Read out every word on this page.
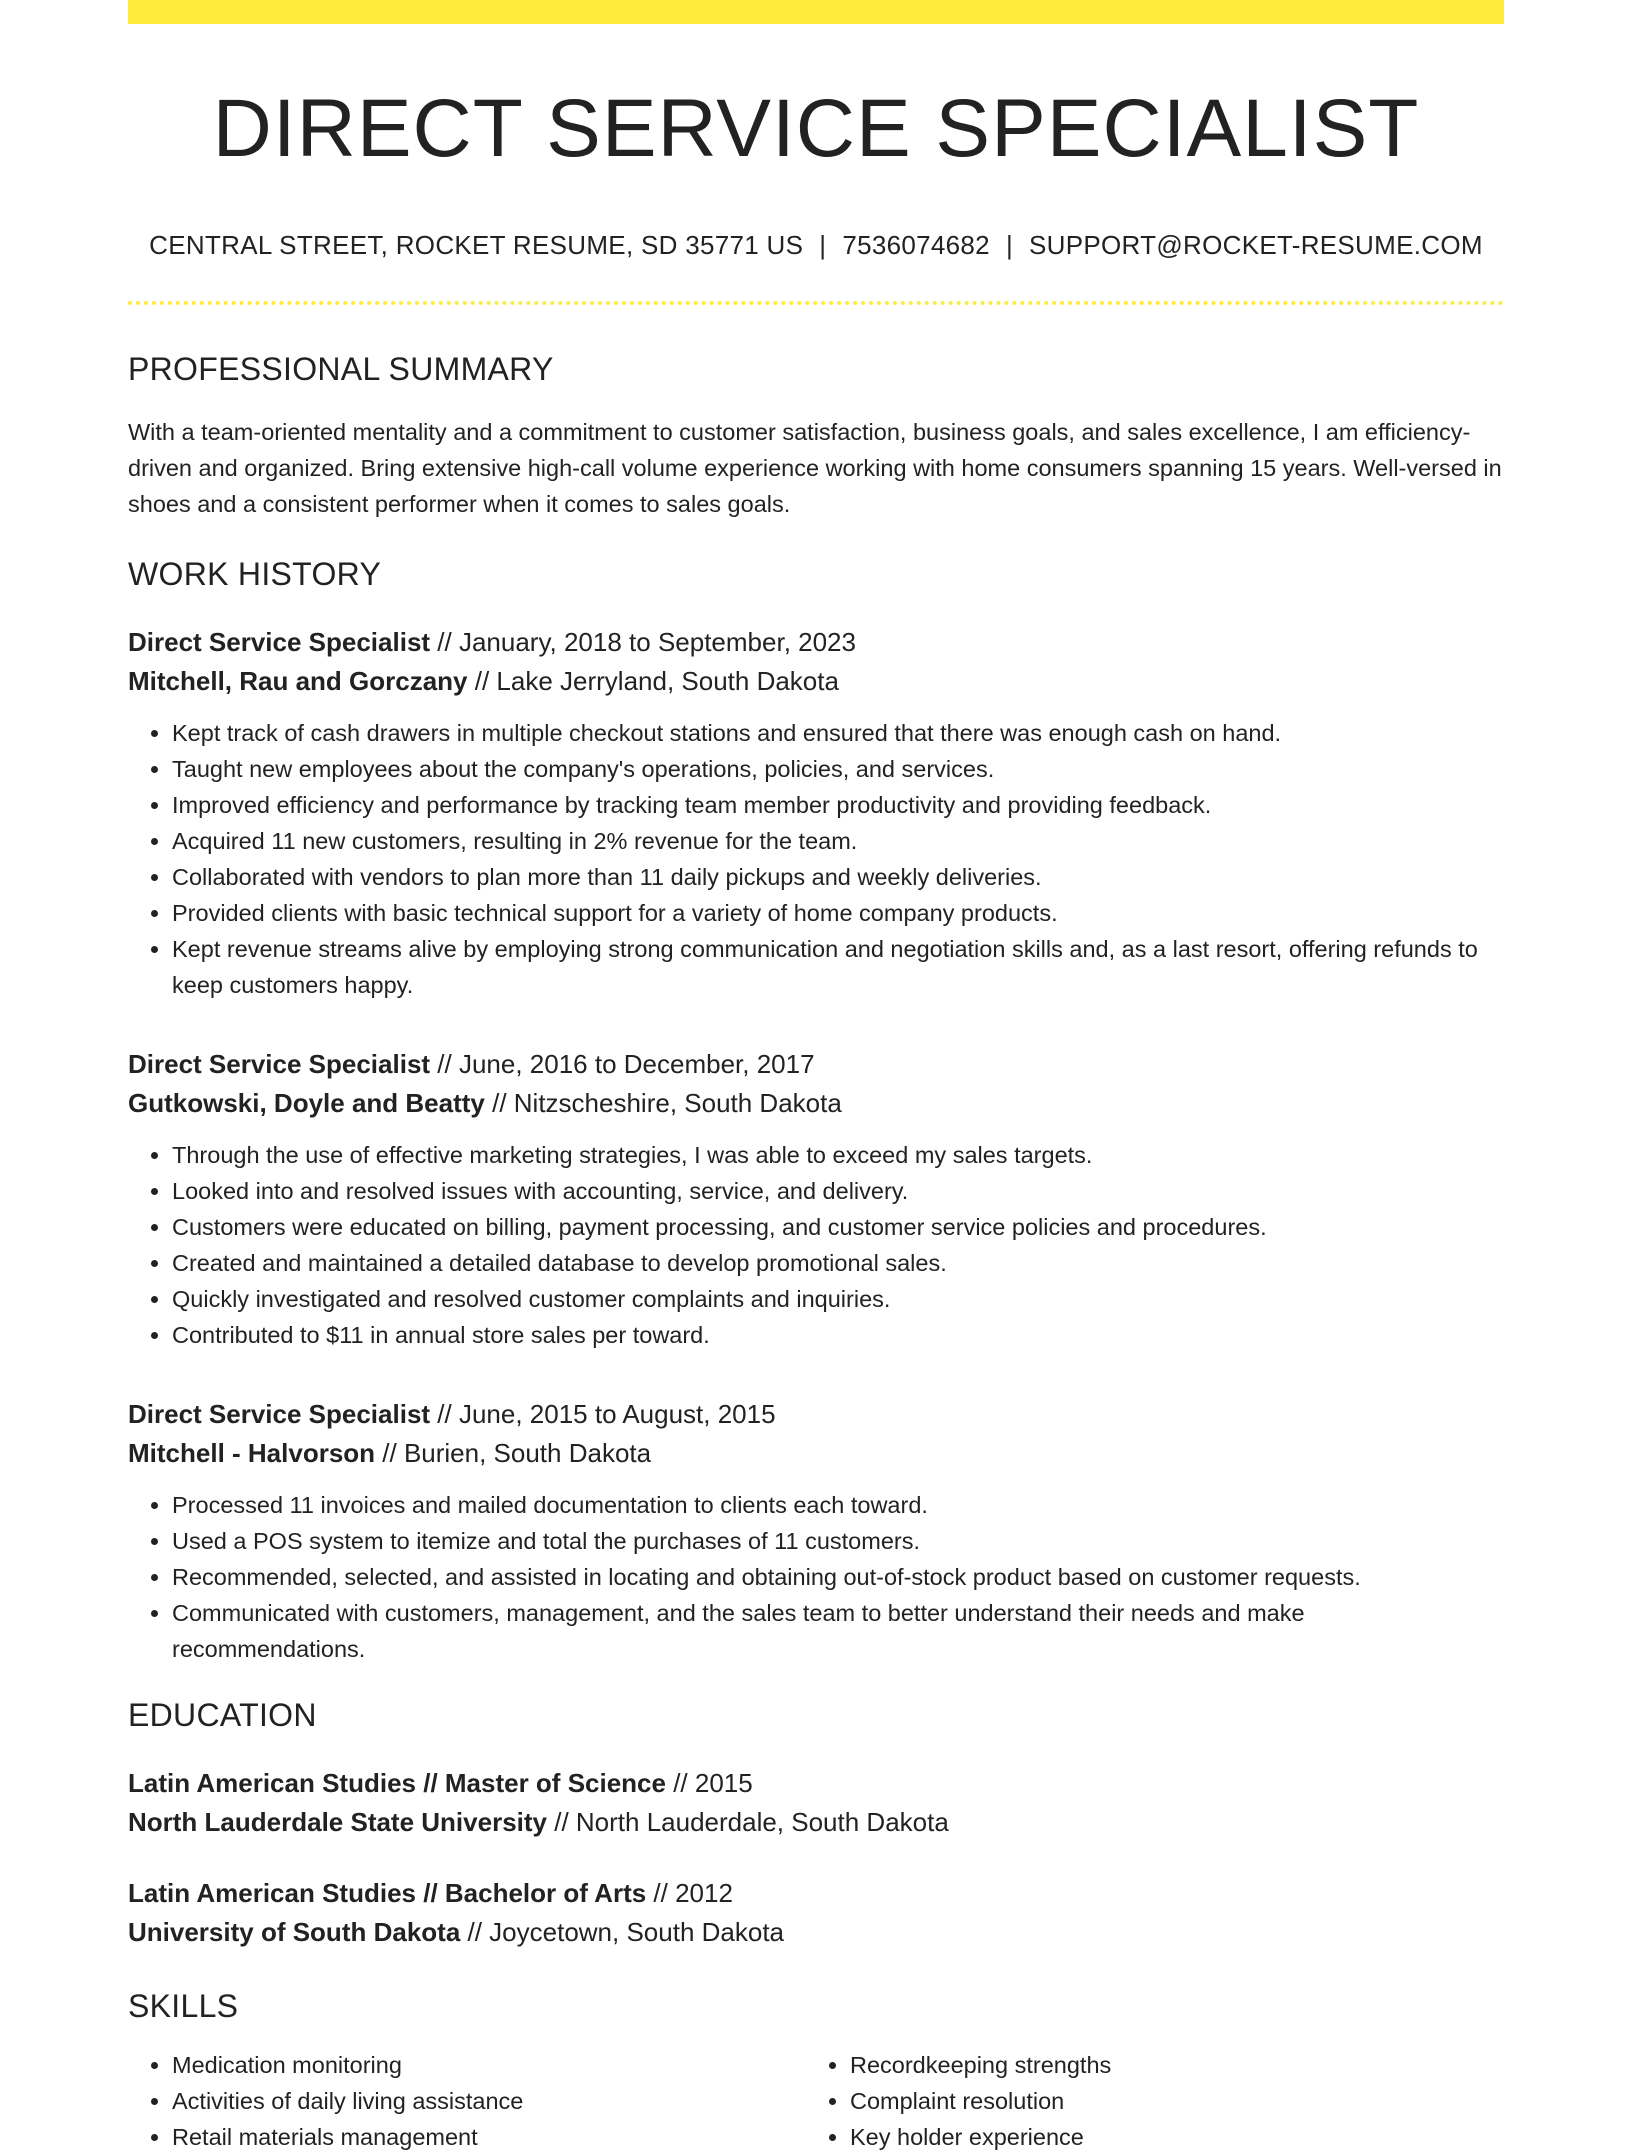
DIRECT SERVICE SPECIALIST
CENTRAL STREET, ROCKET RESUME, SD 35771 US | 7536074682 | SUPPORT@ROCKET-RESUME.COM
PROFESSIONAL SUMMARY
With a team-oriented mentality and a commitment to customer satisfaction, business goals, and sales excellence, I am efficiency-driven and organized. Bring extensive high-call volume experience working with home consumers spanning 15 years. Well-versed in shoes and a consistent performer when it comes to sales goals.
WORK HISTORY
Direct Service Specialist // January, 2018 to September, 2023
Mitchell, Rau and Gorczany // Lake Jerryland, South Dakota
• Kept track of cash drawers in multiple checkout stations and ensured that there was enough cash on hand.
• Taught new employees about the company's operations, policies, and services.
• Improved efficiency and performance by tracking team member productivity and providing feedback.
• Acquired 11 new customers, resulting in 2% revenue for the team.
• Collaborated with vendors to plan more than 11 daily pickups and weekly deliveries.
• Provided clients with basic technical support for a variety of home company products.
• Kept revenue streams alive by employing strong communication and negotiation skills and, as a last resort, offering refunds to keep customers happy.
Direct Service Specialist // June, 2016 to December, 2017
Gutkowski, Doyle and Beatty // Nitzscheshire, South Dakota
• Through the use of effective marketing strategies, I was able to exceed my sales targets.
• Looked into and resolved issues with accounting, service, and delivery.
• Customers were educated on billing, payment processing, and customer service policies and procedures.
• Created and maintained a detailed database to develop promotional sales.
• Quickly investigated and resolved customer complaints and inquiries.
• Contributed to $11 in annual store sales per toward.
Direct Service Specialist // June, 2015 to August, 2015
Mitchell - Halvorson // Burien, South Dakota
• Processed 11 invoices and mailed documentation to clients each toward.
• Used a POS system to itemize and total the purchases of 11 customers.
• Recommended, selected, and assisted in locating and obtaining out-of-stock product based on customer requests.
• Communicated with customers, management, and the sales team to better understand their needs and make recommendations.
EDUCATION
Latin American Studies // Master of Science // 2015
North Lauderdale State University // North Lauderdale, South Dakota
Latin American Studies // Bachelor of Arts // 2012
University of South Dakota // Joycetown, South Dakota
SKILLS
• Medication monitoring
• Activities of daily living assistance
• Retail materials management
• Recordkeeping strengths
• Complaint resolution
• Key holder experience
